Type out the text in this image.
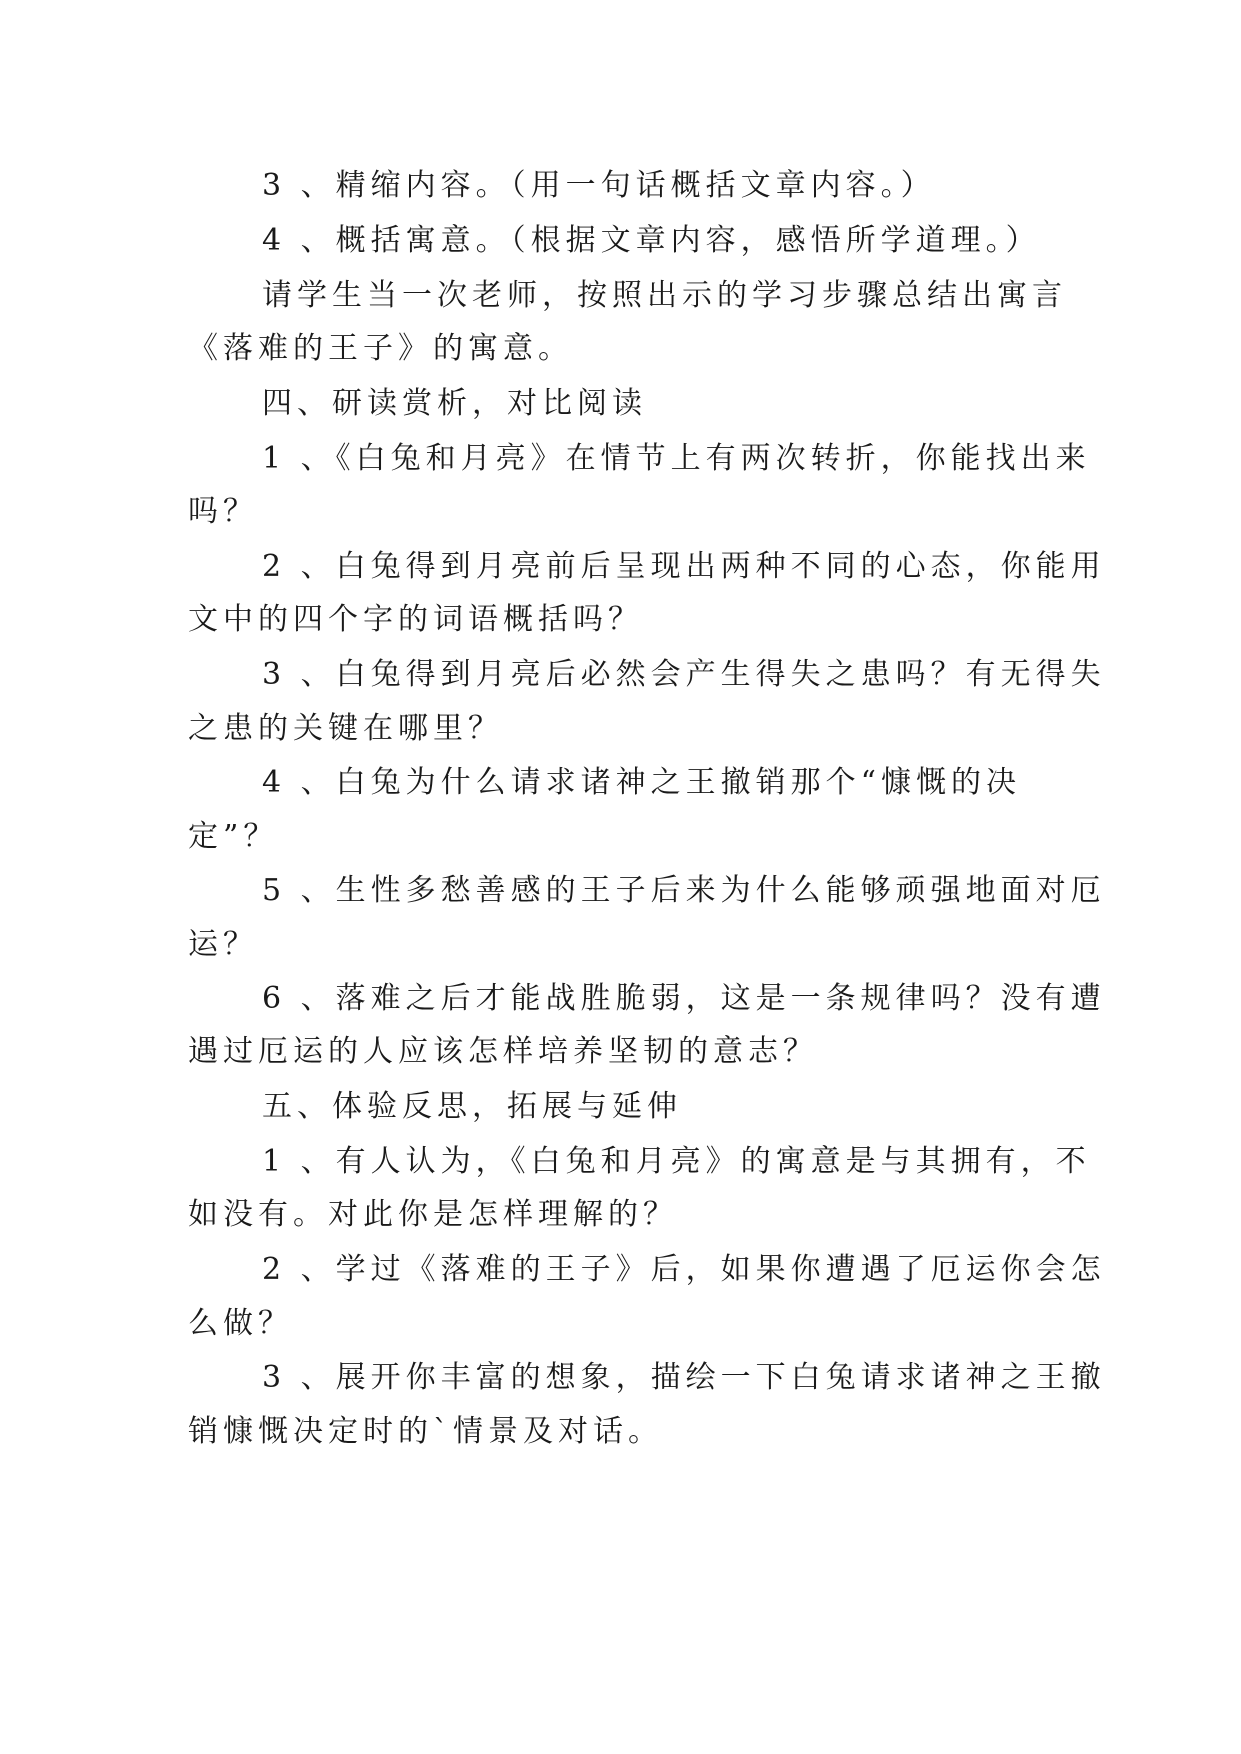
3 、精缩内容。（用一句话概括文章内容。）
4 、概括寓意。（根据文章内容，感悟所学道理。）
请学生当一次老师，按照出示的学习步骤总结出寓言
《落难的王子》的寓意。
四、研读赏析，对比阅读
1 、《白兔和月亮》在情节上有两次转折，你能找出来
吗？
2 、白兔得到月亮前后呈现出两种不同的心态，你能用
文中的四个字的词语概括吗？
3 、白兔得到月亮后必然会产生得失之患吗？有无得失
之患的关键在哪里？
4 、白兔为什么请求诸神之王撤销那个“慷慨的决
定”？
5 、生性多愁善感的王子后来为什么能够顽强地面对厄
运？
6 、落难之后才能战胜脆弱，这是一条规律吗？没有遭
遇过厄运的人应该怎样培养坚韧的意志？
五、体验反思，拓展与延伸
1 、有人认为，《白兔和月亮》的寓意是与其拥有，不
如没有。对此你是怎样理解的？
2 、学过《落难的王子》后，如果你遭遇了厄运你会怎
么做？
3 、展开你丰富的想象，描绘一下白兔请求诸神之王撤
销慷慨决定时的`情景及对话。
